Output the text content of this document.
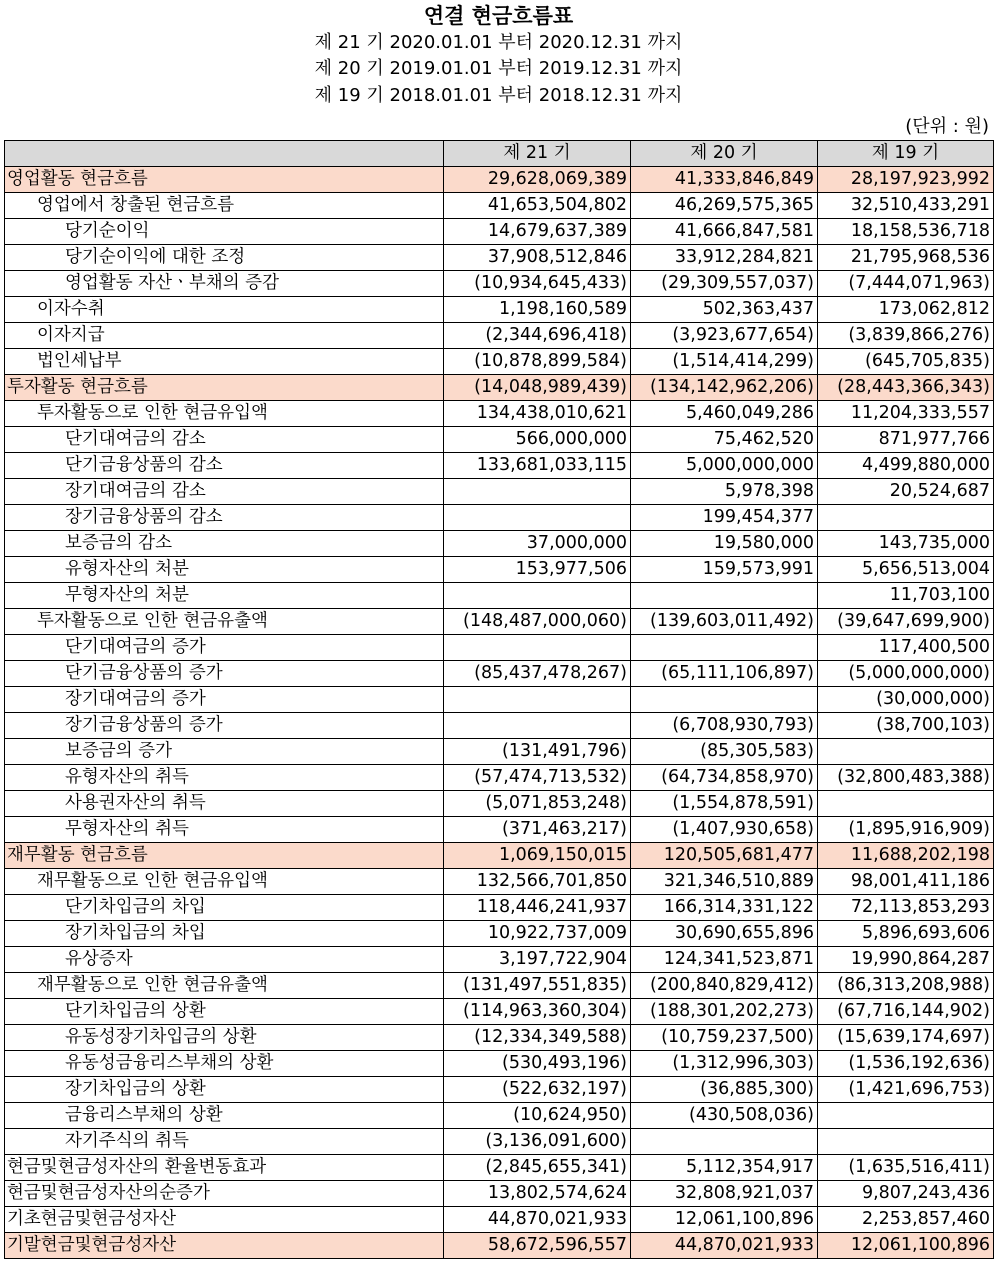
연결 현금흐름표
제 21 기 2020.01.01 부터 2020.12.31 까지
제 20 기 2019.01.01 부터 2019.12.31 까지
제 19 기 2018.01.01 부터 2018.12.31 까지
(단위 : 원)
	제 21 기	제 20 기	제 19 기
영업활동 현금흐름	29,628,069,389	41,333,846,849	28,197,923,992
영업에서 창출된 현금흐름	41,653,504,802	46,269,575,365	32,510,433,291
당기순이익	14,679,637,389	41,666,847,581	18,158,536,718
당기순이익에 대한 조정	37,908,512,846	33,912,284,821	21,795,968,536
영업활동 자산ㆍ부채의 증감	(10,934,645,433)	(29,309,557,037)	(7,444,071,963)
이자수취	1,198,160,589	502,363,437	173,062,812
이자지급	(2,344,696,418)	(3,923,677,654)	(3,839,866,276)
법인세납부	(10,878,899,584)	(1,514,414,299)	(645,705,835)
투자활동 현금흐름	(14,048,989,439)	(134,142,962,206)	(28,443,366,343)
투자활동으로 인한 현금유입액	134,438,010,621	5,460,049,286	11,204,333,557
단기대여금의 감소	566,000,000	75,462,520	871,977,766
단기금융상품의 감소	133,681,033,115	5,000,000,000	4,499,880,000
장기대여금의 감소		5,978,398	20,524,687
장기금융상품의 감소		199,454,377	
보증금의 감소	37,000,000	19,580,000	143,735,000
유형자산의 처분	153,977,506	159,573,991	5,656,513,004
무형자산의 처분			11,703,100
투자활동으로 인한 현금유출액	(148,487,000,060)	(139,603,011,492)	(39,647,699,900)
단기대여금의 증가			117,400,500
단기금융상품의 증가	(85,437,478,267)	(65,111,106,897)	(5,000,000,000)
장기대여금의 증가			(30,000,000)
장기금융상품의 증가		(6,708,930,793)	(38,700,103)
보증금의 증가	(131,491,796)	(85,305,583)	
유형자산의 취득	(57,474,713,532)	(64,734,858,970)	(32,800,483,388)
사용권자산의 취득	(5,071,853,248)	(1,554,878,591)	
무형자산의 취득	(371,463,217)	(1,407,930,658)	(1,895,916,909)
재무활동 현금흐름	1,069,150,015	120,505,681,477	11,688,202,198
재무활동으로 인한 현금유입액	132,566,701,850	321,346,510,889	98,001,411,186
단기차입금의 차입	118,446,241,937	166,314,331,122	72,113,853,293
장기차입금의 차입	10,922,737,009	30,690,655,896	5,896,693,606
유상증자	3,197,722,904	124,341,523,871	19,990,864,287
재무활동으로 인한 현금유출액	(131,497,551,835)	(200,840,829,412)	(86,313,208,988)
단기차입금의 상환	(114,963,360,304)	(188,301,202,273)	(67,716,144,902)
유동성장기차입금의 상환	(12,334,349,588)	(10,759,237,500)	(15,639,174,697)
유동성금융리스부채의 상환	(530,493,196)	(1,312,996,303)	(1,536,192,636)
장기차입금의 상환	(522,632,197)	(36,885,300)	(1,421,696,753)
금융리스부채의 상환	(10,624,950)	(430,508,036)	
자기주식의 취득	(3,136,091,600)		
현금및현금성자산의 환율변동효과	(2,845,655,341)	5,112,354,917	(1,635,516,411)
현금및현금성자산의순증가	13,802,574,624	32,808,921,037	9,807,243,436
기초현금및현금성자산	44,870,021,933	12,061,100,896	2,253,857,460
기말현금및현금성자산	58,672,596,557	44,870,021,933	12,061,100,896
